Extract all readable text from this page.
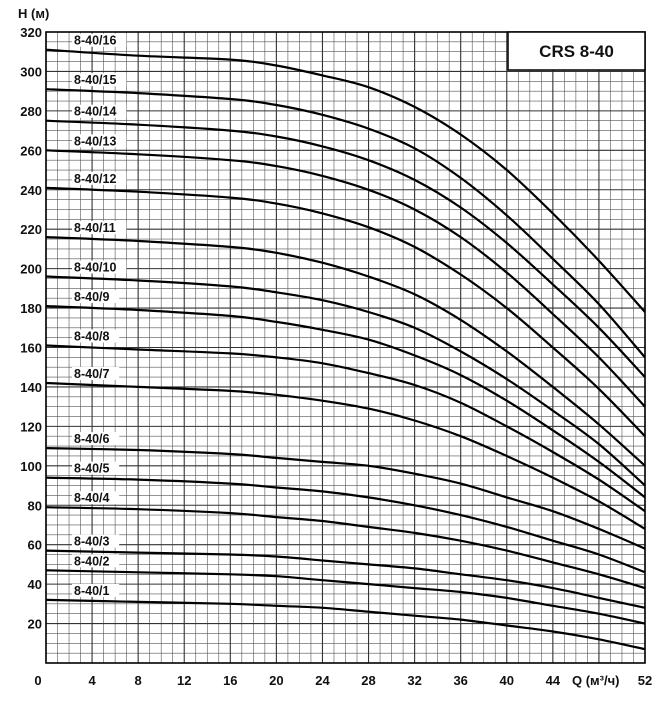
CRS 8-40
8-40/16
8-40/15
8-40/14
8-40/13
8-40/12
8-40/11
8-40/10
8-40/9
8-40/8
8-40/7
8-40/6
8-40/5
8-40/4
8-40/3
8-40/2
8-40/1
20
40
60
80
100
120
140
160
180
200
220
240
260
280
300
320
0	4	8	12 16 20 24 28 32 36 40 44	52
H (м)
Q (м³/ч)
